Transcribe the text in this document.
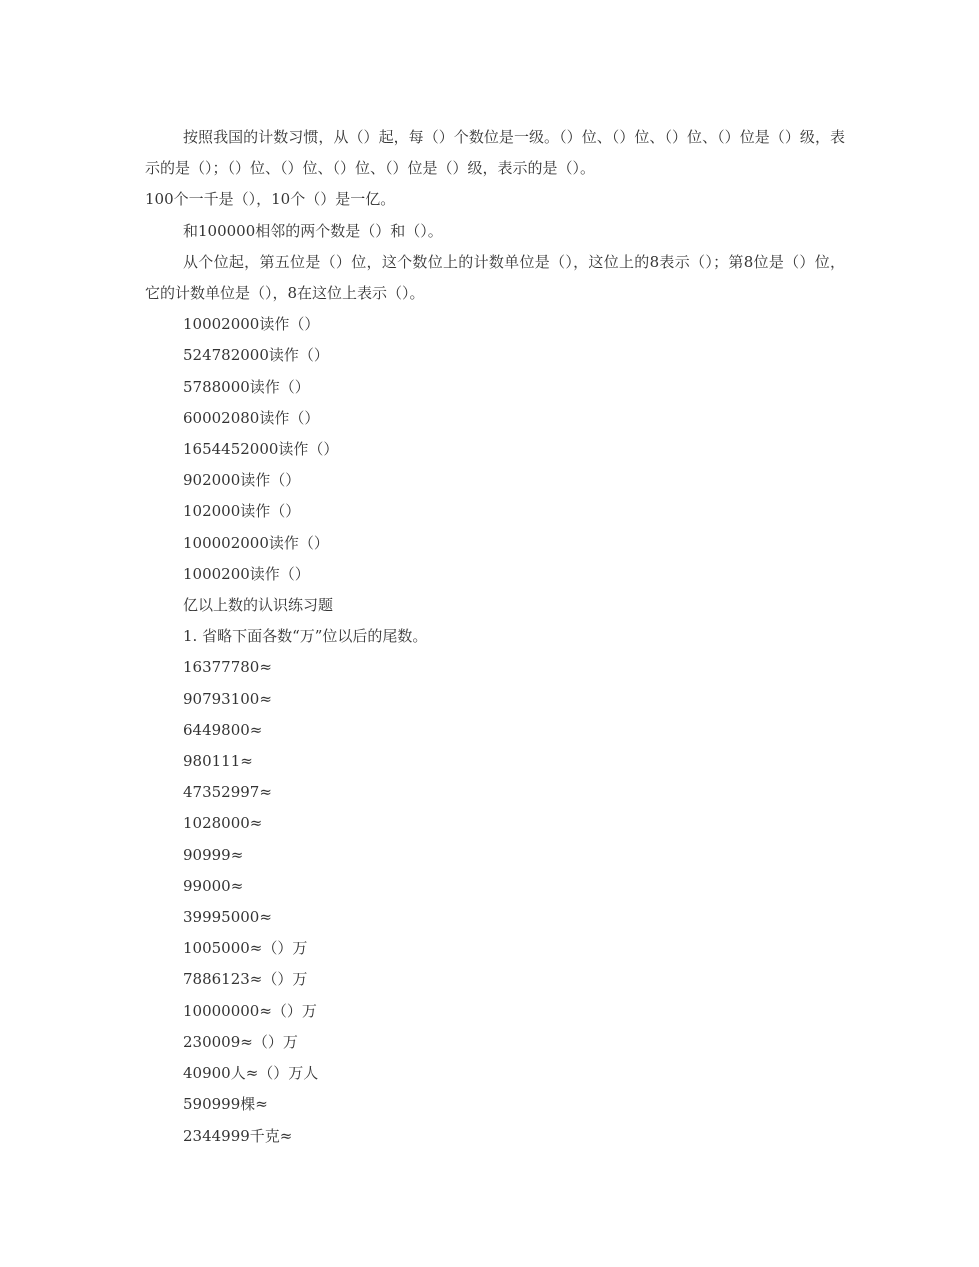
按照我国的计数习惯，从（）起，每（）个数位是一级。（）位、（）位、（）位、（）位是（）级，表示的是（）；（）位、（）位、（）位、（）位是（）级，表示的是（）。

100个一千是（），10个（）是一亿。

和100000相邻的两个数是（）和（）。

从个位起，第五位是（）位，这个数位上的计数单位是（），这位上的8表示（）；第8位是（）位，它的计数单位是（），8在这位上表示（）。

10002000读作（）

524782000读作（）

5788000读作（）

60002080读作（）

1654452000读作（）

902000读作（）

102000读作（）

100002000读作（）

1000200读作（）

亿以上数的认识练习题

1. 省略下面各数“万”位以后的尾数。

16377780≈

90793100≈

6449800≈

980111≈

47352997≈

1028000≈

90999≈

99000≈

39995000≈

1005000≈（）万

7886123≈（）万

10000000≈（）万

230009≈（）万

40900人≈（）万人

590999棵≈

2344999千克≈
